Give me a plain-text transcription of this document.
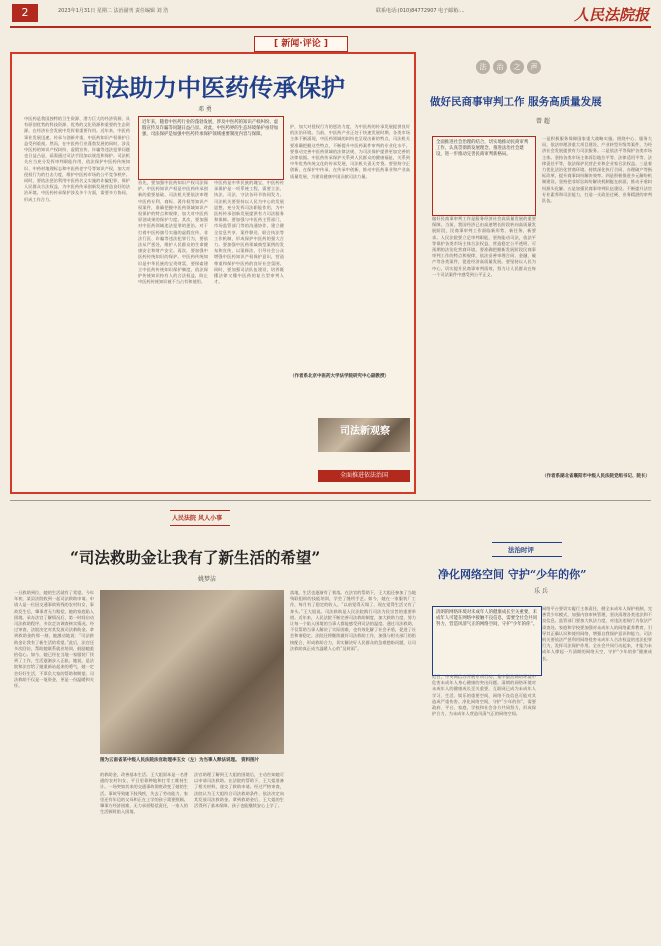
2	2023年1月31日 星期二 法治副刊 责任编辑 刘 浩	联系电话:(010)84772907 电子邮箱:...	人民法院报
[ 新闻·评论 ]
司法助力中医药传承保护
邓 勇
中医药是我国独特的卫生资源、潜力巨大的经济资源、具有原创优势的科技资源、优秀的文化资源和重要的生态资源，在经济社会发展中发挥着重要作用。近年来，中医药事业发展迅速，传承与创新并重，中医药知识产权保护日益受到重视。然而，在中医药行业蓬勃发展的同时，涉及中医药的知识产权纠纷、虚假宣传、诈骗等违法犯罪问题也日益凸显，亟需通过司法手段加以规范和保护。司法机关应当充分发挥审判职能作用，依法保护中医药传统知识、中药材地理标志和中医药老字号等知识产权，加大对侵权行为的打击力度，维护中医药市场的公平竞争秩序。同时，要依法惩治利用中医药名义实施的诈骗犯罪，保护人民群众合法权益，为中医药传承创新发展营造良好的法治环境。中医药传承保护涉及多个方面，需要多方协同，形成工作合力。
近年来，随着中医药行业的蓬勃发展，涉及中医药的知识产权纠纷、虚假宣传及诈骗等问题日益凸显。对此，中医药界的生态环境保护亟待加强，司法保护是加强中医药传承保护领域重要制度内容与保障。
首先，要加强中医药知识产权司法保护。中医药知识产权是中医药传承创新的重要基础，司法机关要依法审理中医药专利、商标、著作权等知识产权案件，准确把握中医药领域知识产权保护的特点和规律，加大对中医药原创成果的保护力度。其次，要加强对中医药领域违法犯罪的惩治。对于打着中医药旗号实施的虚假宣传、非法行医、诈骗等违法犯罪行为，要依法从严惩处，维护人民群众的生命健康安全和财产安全。再次，要加强中医药传统知识的保护。中医药传统知识是中华民族的宝贵财富，要探索建立中医药传统知识保护制度，依法保护传统知识持有人的合法权益，防止中医药传统知识被不当占有和使用。
中医药是中华民族的瑰宝，中医药传承保护是一项系统工程，需要立法、执法、司法、守法各环节协同发力。司法机关要坚持以人民为中心的发展思想，充分发挥司法职能作用，为中医药传承创新发展提供有力司法服务和保障。要加强与中医药主管部门、市场监管部门等的沟通协作，建立健全信息共享、案件移送、联合执法等工作机制，形成保护中医药的强大合力。要加强中医药领域典型案例的发布和宣传，以案释法，引导社会公众增强中医药知识产权保护意识，营造尊重和保护中医药的良好社会氛围。同时，要加强司法队伍建设，培养既懂法律又懂中医药的复合型审判人才。
护，加大对侵权行为的惩治力度，为中医药的传承发展提供良好的法治环境。当前，中医药产业正处于快速发展时期，各类市场主体不断涌现，中医药领域的纠纷也呈现出新的特点。司法机关要准确把握这些特点，不断提升中医药案件审判的专业化水平。要推动完善中医药领域的法律法规，为司法保护提供更加完善的法律依据。中医药传承保护关系到人民群众的健康福祉，关系到中华优秀传统文化的传承发展，司法机关责无旁贷。要坚持守正创新，在保护中传承，在传承中创新，推动中医药事业和产业高质量发展，为建设健康中国贡献司法力量。
（作者系北京中医药大学法学院研究中心副教授）
司法新观察
全面推进依法治国
法	治	之	声
做好民商事审判工作 服务高质量发展
曾 超
全面推进社会治理的结合，切实地推动民商审判工作，认真贯彻新发展理念，推进法治社会建设，进一步推动完善民商审判新格局。
做好民商事审判工作是服务经济社会高质量发展的重要保障。当前，我国经济已由高速增长阶段转向高质量发展阶段，民商事审判工作面临新形势、新任务、新要求。人民法院要立足审判职能，坚持能动司法，依法平等保护各类市场主体合法权益，营造稳定公平透明、可预期的法治化营商环境。要准确把握新发展阶段民商事审判工作的特点和规律，依法妥善审理合同、金融、破产等各类案件，促进经济高质量发展。要坚持以人民为中心，切实提升民商事审判质效，努力让人民群众在每一个司法案件中感受到公平正义。
一是积极服务保障国家重大战略实施。围绕中心、服务大局，依法审理涉重大项目建设、产业转型升级等案件，为经济社会发展提供有力司法服务。二是依法平等保护各类市场主体。坚持各类市场主体诉讼地位平等、法律适用平等、法律责任平等，依法保护民营企业和企业家合法权益。三是着力优化法治化营商环境。持续深化执行合同、办理破产等指标改革，提升商事纠纷解决效率。四是积极推进多元解纷机制建设。坚持把非诉讼纠纷解决机制挺在前面，推动矛盾纠纷源头化解。五是加强民商事审判队伍建设。不断提升法官专业素养和司法能力，打造一支政治过硬、业务精湛的审判队伍。
（作者系湖北省襄阳市中级人民法院党组书记、院长）
人民法院 风人小事
“司法救助金让我有了新生活的希望”
姚梦洁
一旦救助到位，她的生活就有了希望。今年年初，某县法院收到一起司法救助申请。申请人是一位因交通事故致残的农村妇女，事故发生后，肇事者无力赔偿，她的家庭陷入困境。承办法官了解情况后，第一时间启动司法救助程序，多次走访调查核实情况。经过审查，法院决定对其发放司法救助金。拿到救助金的那一刻，她激动地说：“司法救助金让我有了新生活的希望。”此后，法官还多次回访，帮助她联系就业培训，鼓励她重拾信心。如今，她已经在当地一家服装厂找到了工作，生活逐渐步入正轨。她说，是法院和法官给了她重新站起来的勇气，她一定会好好生活，不辜负大家的帮助和期望。司法救助不仅是一笔资金，更是一份温暖和关怀。
图为云南省某中级人民法院法官助理李玉女（左）为当事人释法说理。 资料图片
的救助金，改善基本生活。王大姐原本是一名普通的农村妇女，平日里靠种地和打零工维持生计。一场突如其来的交通事故彻底改变了她的生活。事故导致她下肢残疾，失去了劳动能力，家里还有年迈的父母和正在上学的孩子需要照顾。肇事方经济困难，无力承担赔偿责任，一家人的生活顿时陷入困境。
法官助理了解到王大姐的困境后，主动告知她可以申请司法救助。在法院的帮助下，王大姐准备了相关材料，递交了救助申请。经过严格审查，法院认为王大姐符合司法救助条件，依法决定向其发放司法救助金。拿到救助金后，王大姐的生活得到了基本保障，孩子也能继续安心上学了。
落地，生活也逐渐有了着落。在法官的帮助下，王大姐还参加了当地残联组织的技能培训，学会了缝纫手艺。如今，她在一家服装厂工作，每月有了稳定的收入。“以前觉得天塌了，现在觉得生活又有了奔头。”王大姐说。司法救助是人民法院践行司法为民宗旨的重要举措。近年来，人民法院不断完善司法救助制度，加大救助力度，努力让每一个陷入困境的当事人都能感受到司法的温度。通过司法救助，不仅帮助当事人解决了实际困难，也有效化解了社会矛盾，促进了社会和谐稳定。法院还将继续做好司法救助工作，加强与相关部门的衔接配合，形成救助合力，切实解决好人民群众的急难愁盼问题，让司法救助真正成为温暖人心的“及时雨”。
法治时评
净化网络空间 守护“少年的你”
乐 兵
清朗的网络环境对未成年人的健康成长至关重要，未成年人可能在网络中接触不良信息，需要全社会共同努力，营造风清气正的网络空间，守护“少年的你”。
近日，中央网信办开展专项行动，集中整治网络环境中危害未成年人身心健康的突出问题。清朗的网络环境对未成年人的健康成长至关重要，互联网已成为未成年人学习、生活、娱乐的重要空间，网络不良信息可能对其造成严重伤害。净化网络空间，守护“少年的你”，需要政府、平台、家庭、学校和社会各方共同努力，形成保护合力，为未成年人营造风清气正的网络空间。
网络平台要切实履行主体责任，健全未成年人保护机制，完善青少年模式，加强内容审核管理，坚决清理各类违法和不良信息。监管部门要加大执法力度，对违法违规行为依法严肃查处。家庭和学校要加强对未成年人的网络素养教育，引导其正确认识和使用网络，增强自我保护意识和能力。司法机关要依法严惩利用网络侵害未成年人合法权益的违法犯罪行为，发挥司法保护作用。全社会共同行动起来，才能为未成年人撑起一片清朗的网络天空，守护“少年的你”健康成长。
